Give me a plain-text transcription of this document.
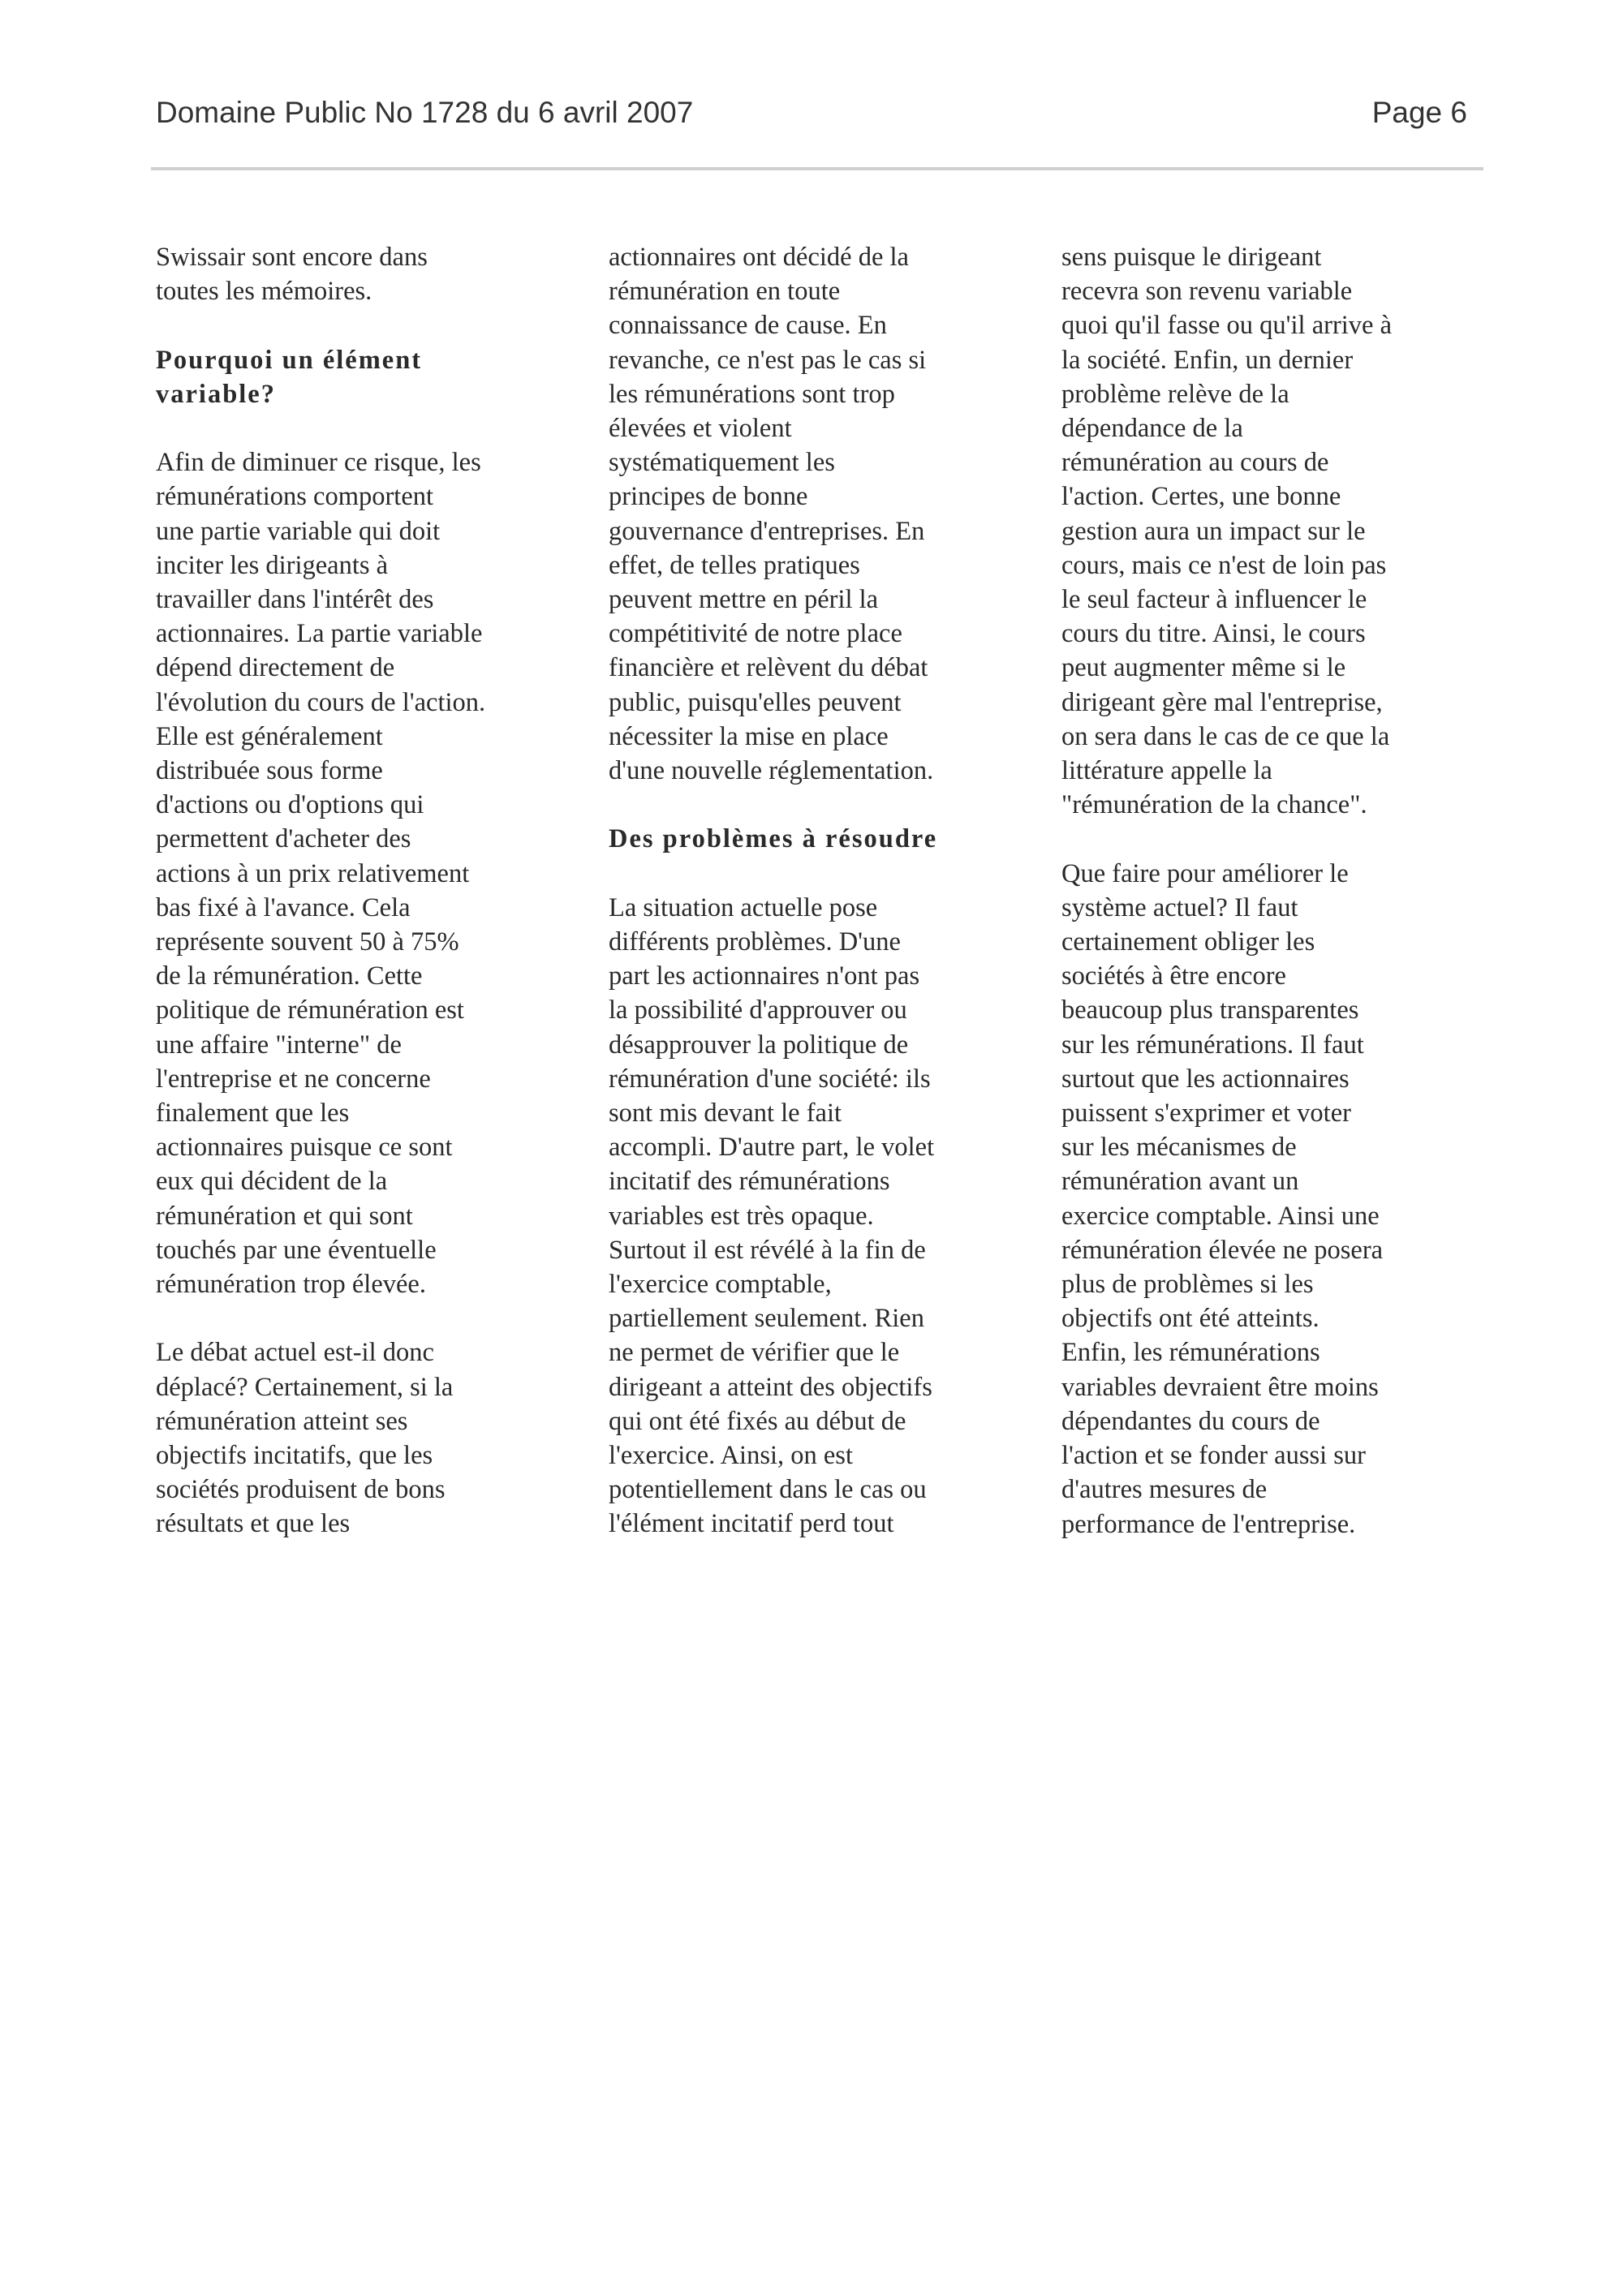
Domaine Public No 1728 du 6 avril 2007	Page 6

Swissair sont encore dans
toutes les mémoires.

Pourquoi un élément
variable?

Afin de diminuer ce risque, les
rémunérations comportent
une partie variable qui doit
inciter les dirigeants à
travailler dans l'intérêt des
actionnaires. La partie variable
dépend directement de
l'évolution du cours de l'action.
Elle est généralement
distribuée sous forme
d'actions ou d'options qui
permettent d'acheter des
actions à un prix relativement
bas fixé à l'avance. Cela
représente souvent 50 à 75%
de la rémunération. Cette
politique de rémunération est
une affaire "interne" de
l'entreprise et ne concerne
finalement que les
actionnaires puisque ce sont
eux qui décident de la
rémunération et qui sont
touchés par une éventuelle
rémunération trop élevée.

Le débat actuel est-il donc
déplacé? Certainement, si la
rémunération atteint ses
objectifs incitatifs, que les
sociétés produisent de bons
résultats et que les

actionnaires ont décidé de la
rémunération en toute
connaissance de cause. En
revanche, ce n'est pas le cas si
les rémunérations sont trop
élevées et violent
systématiquement les
principes de bonne
gouvernance d'entreprises. En
effet, de telles pratiques
peuvent mettre en péril la
compétitivité de notre place
financière et relèvent du débat
public, puisqu'elles peuvent
nécessiter la mise en place
d'une nouvelle réglementation.

Des problèmes à résoudre

La situation actuelle pose
différents problèmes. D'une
part les actionnaires n'ont pas
la possibilité d'approuver ou
désapprouver la politique de
rémunération d'une société: ils
sont mis devant le fait
accompli. D'autre part, le volet
incitatif des rémunérations
variables est très opaque.
Surtout il est révélé à la fin de
l'exercice comptable,
partiellement seulement. Rien
ne permet de vérifier que le
dirigeant a atteint des objectifs
qui ont été fixés au début de
l'exercice. Ainsi, on est
potentiellement dans le cas ou
l'élément incitatif perd tout

sens puisque le dirigeant
recevra son revenu variable
quoi qu'il fasse ou qu'il arrive à
la société. Enfin, un dernier
problème relève de la
dépendance de la
rémunération au cours de
l'action. Certes, une bonne
gestion aura un impact sur le
cours, mais ce n'est de loin pas
le seul facteur à influencer le
cours du titre. Ainsi, le cours
peut augmenter même si le
dirigeant gère mal l'entreprise,
on sera dans le cas de ce que la
littérature appelle la
"rémunération de la chance".

Que faire pour améliorer le
système actuel? Il faut
certainement obliger les
sociétés à être encore
beaucoup plus transparentes
sur les rémunérations. Il faut
surtout que les actionnaires
puissent s'exprimer et voter
sur les mécanismes de
rémunération avant un
exercice comptable. Ainsi une
rémunération élevée ne posera
plus de problèmes si les
objectifs ont été atteints.
Enfin, les rémunérations
variables devraient être moins
dépendantes du cours de
l'action et se fonder aussi sur
d'autres mesures de
performance de l'entreprise.
